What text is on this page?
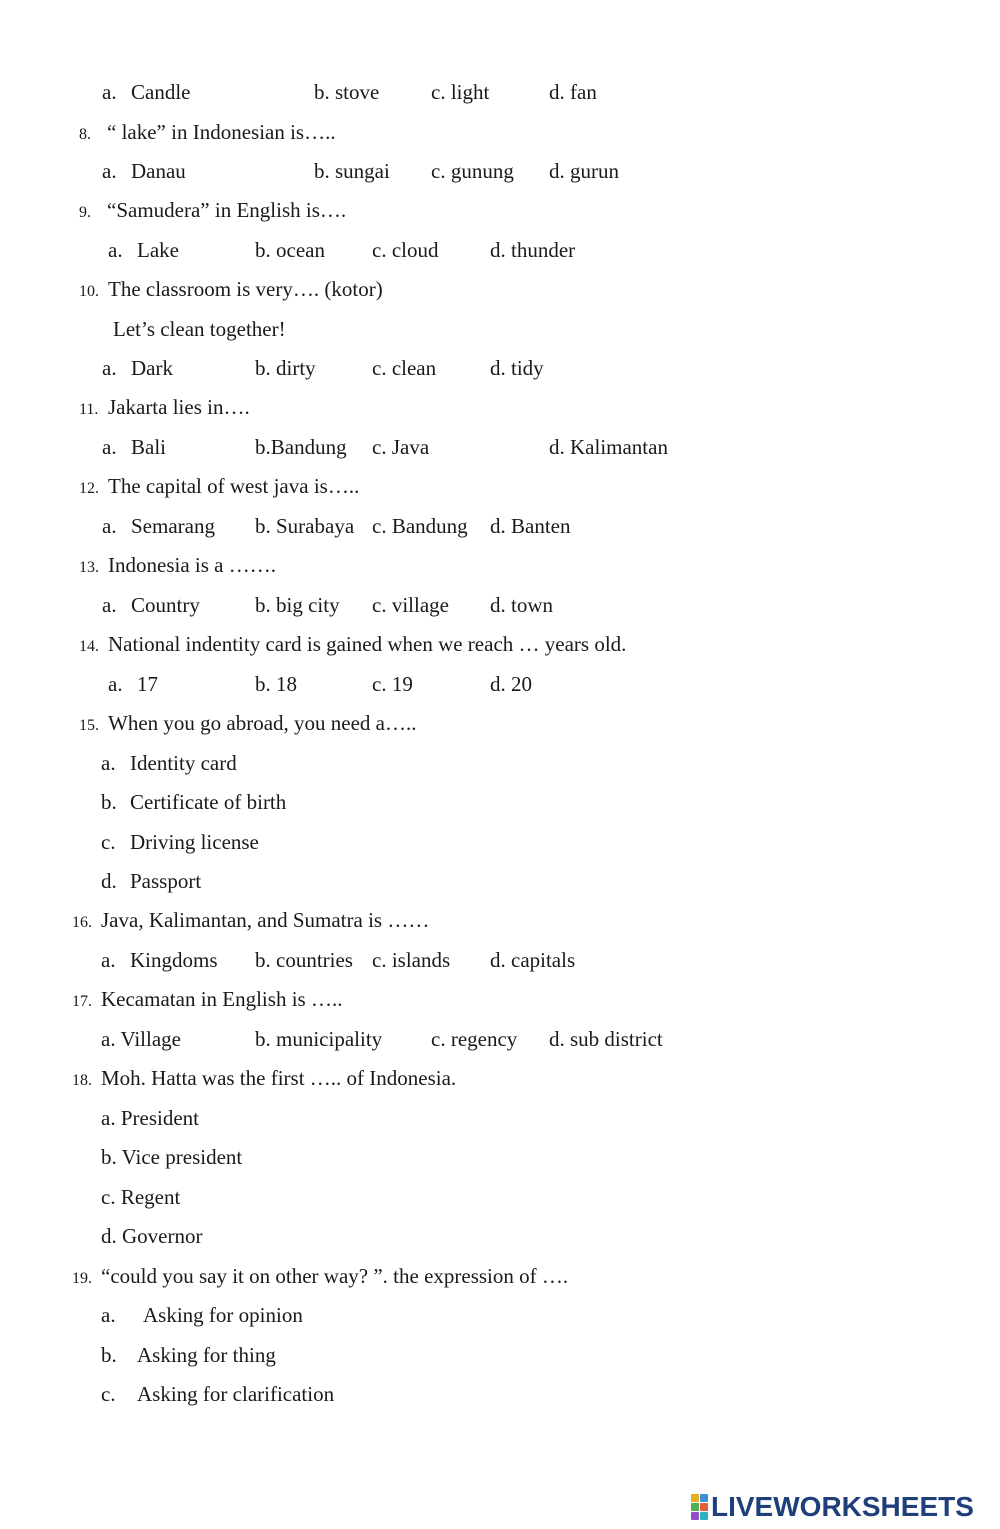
a. Candle	b. stove c. light	d. fan
8. “ lake” in Indonesian is…..
a. Danau	b. sungai c. gunung d. gurun
9. “Samudera” in English is….
a. Lake	b. ocean c. cloud d. thunder
10. The classroom is very…. (kotor)
Let’s clean together!
a. Dark	b. dirty	c. clean	d. tidy
11. Jakarta lies in….
a. Bali	b.Bandung c. Java	d. Kalimantan
12. The capital of west java is…..
a. Semarang b. Surabaya c. Bandung d. Banten
13. Indonesia is a …….
a. Country	b. big city c. village d. town
14. National indentity card is gained when we reach … years old.
a. 17	b. 18	c. 19	d. 20
15. When you go abroad, you need a…..
a. Identity card
b. Certificate of birth
c. Driving license
d. Passport
16. Java, Kalimantan, and Sumatra is ……
a. Kingdoms b. countries c. islands d. capitals
17. Kecamatan in English is …..
a. Village	b. municipality c. regency d. sub district
18. Moh. Hatta was the first ….. of Indonesia.
a. President
b. Vice president
c. Regent
d. Governor
19. “could you say it on other way? ”. the expression of ….
a. Asking for opinion
b. Asking for thing
c. Asking for clarification
LIVEWORKSHEETS
